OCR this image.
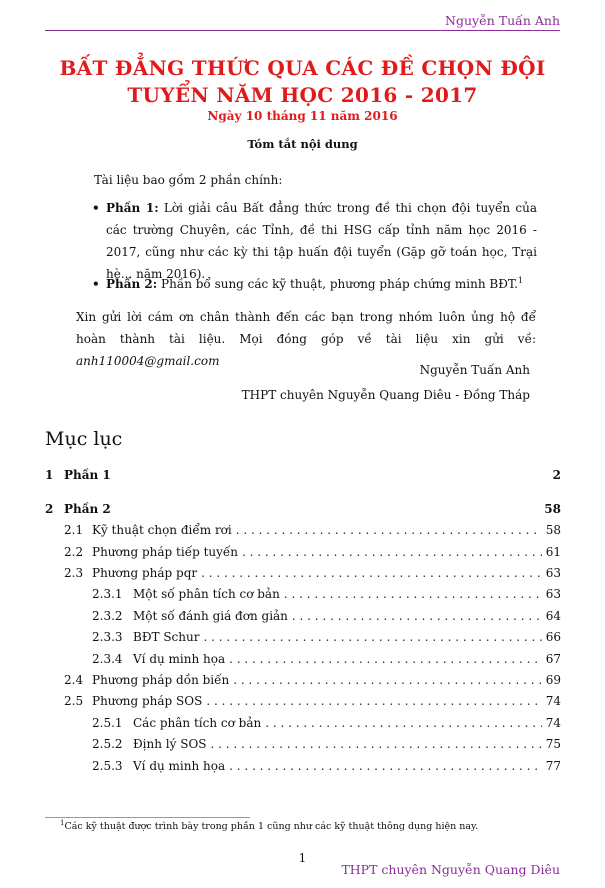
Nguyễn Tuấn Anh
BẤT ĐẲNG THỨC QUA CÁC ĐỀ CHỌN ĐỘI
TUYỂN NĂM HỌC 2016 - 2017
Ngày 10 tháng 11 năm 2016
Tóm tắt nội dung
Tài liệu bao gồm 2 phần chính:
• Phần 1: Lời giải câu Bất đẳng thức trong đề thi chọn đội tuyển của các trường Chuyên, các Tỉnh, đề thi HSG cấp tỉnh năm học 2016 - 2017, cũng như các kỳ thi tập huấn đội tuyển (Gặp gỡ toán học, Trại hè... năm 2016).
• Phần 2: Phần bổ sung các kỹ thuật, phương pháp chứng minh BĐT.$^1$
Xin gửi lời cám ơn chân thành đến các bạn trong nhóm luôn ủng hộ để hoàn thành tài liệu. Mọi đóng góp về tài liệu xin gửi về: anh110004@gmail.com
Nguyễn Tuấn Anh
THPT chuyên Nguyễn Quang Diêu - Đồng Tháp
Mục lục
1 Phần 1	2
2 Phần 2	58
2.1 Kỹ thuật chọn điểm rơi . . .	58
2.2 Phương pháp tiếp tuyến . . .	61
2.3 Phương pháp pqr . . .	63
2.3.1 Một số phân tích cơ bản . . .	63
2.3.2 Một số đánh giá đơn giản . . .	64
2.3.3 BĐT Schur . . .	66
2.3.4 Ví dụ minh họa . . .	67
2.4 Phương pháp dồn biến . . .	69
2.5 Phương pháp SOS . . .	74
2.5.1 Các phân tích cơ bản . . .	74
2.5.2 Định lý SOS . . .	75
2.5.3 Ví dụ minh họa . . .	77
$^1$Các kỹ thuật được trình bày trong phần 1 cũng như các kỹ thuật thông dụng hiện nay.
1
THPT chuyên Nguyễn Quang Diêu
